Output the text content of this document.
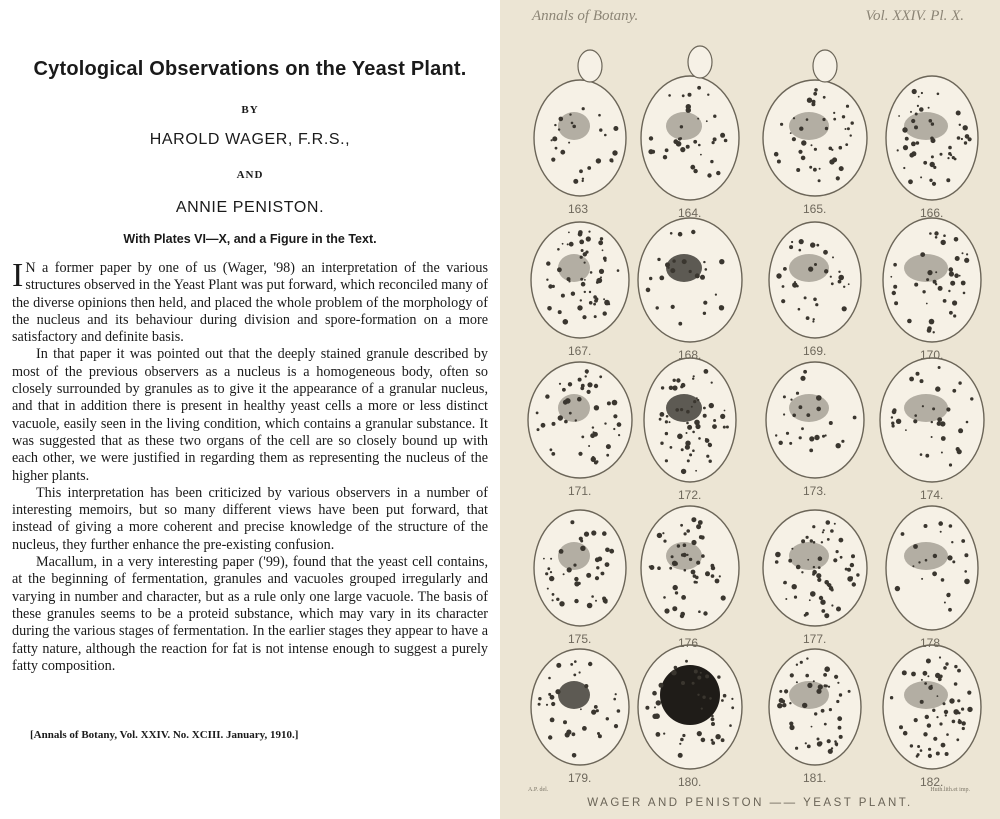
Cytological Observations on the Yeast Plant.
BY
HAROLD WAGER, F.R.S.,
AND
ANNIE PENISTON.
With Plates VI—X, and a Figure in the Text.

I N a former paper by one of us (Wager, '98) an interpretation of the various structures observed in the Yeast Plant was put forward, which reconciled many of the diverse opinions then held, and placed the whole problem of the morphology of the nucleus and its behaviour during division and spore-formation on a more satisfactory and definite basis.

In that paper it was pointed out that the deeply stained granule described by most of the previous observers as a nucleus is a homogeneous body, often so closely surrounded by granules as to give it the appearance of a granular nucleus, and that in addition there is present in healthy yeast cells a more or less distinct vacuole, easily seen in the living condition, which contains a granular substance. It was suggested that as these two organs of the cell are so closely bound up with each other, we were justified in regarding them as representing the nucleus of the higher plants.

This interpretation has been criticized by various observers in a number of interesting memoirs, but so many different views have been put forward, that instead of giving a more coherent and precise knowledge of the structure of the nucleus, they further enhance the pre-existing confusion.

Macallum, in a very interesting paper ('99), found that the yeast cell contains, at the beginning of fermentation, granules and vacuoles grouped irregularly and varying in number and character, but as a rule only one large vacuole. The basis of these granules seems to be a proteid substance, which may vary in its character during the various stages of fermentation. In the earlier stages they appear to have a fatty nature, although the reaction for fat is not intense enough to suggest a purely fatty composition.

[Annals of Botany, Vol. XXIV. No. XCIII. January, 1910.]
Annals of Botany.	Vol. XXIV. Pl. X.
163	164.	165.	166.
167.	168.	169.	170.
171.	172.	173.	174.
175.	176.	177.	178.
179.	180.	181.	182.
A.P. del.	Huth.lith.et imp.
WAGER AND PENISTON —— YEAST PLANT.
